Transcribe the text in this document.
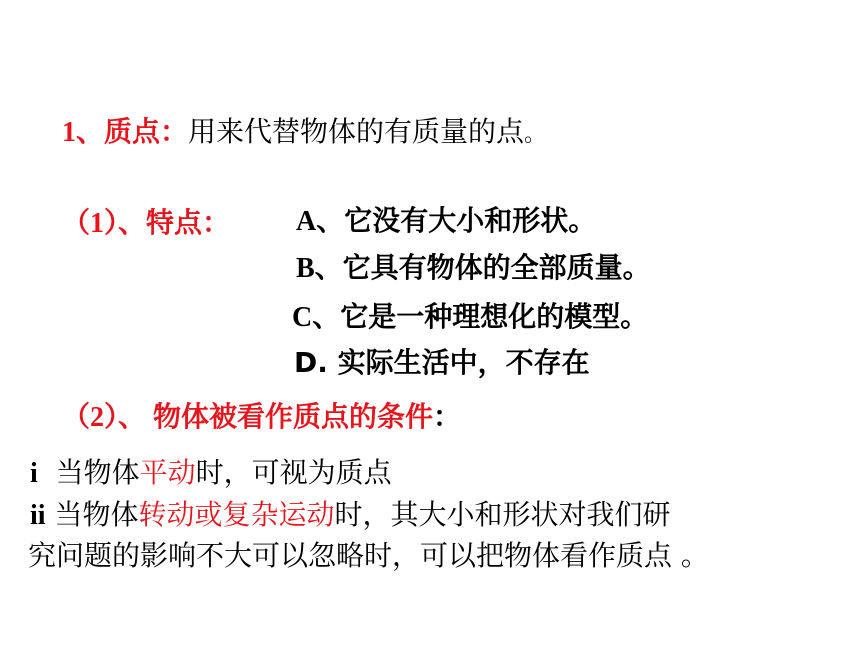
1、质点：用来代替物体的有质量的点。
（1）、特点： A、它没有大小和形状。
B、它具有物体的全部质量。
C、它是一种理想化的模型。
D. 实际生活中，不存在
（2）、 物体被看作质点的条件：
i 当物体平动时，可视为质点
ii 当物体转动或复杂运动时，其大小和形状对我们研
究问题的影响不大可以忽略时，可以把物体看作质点 。
